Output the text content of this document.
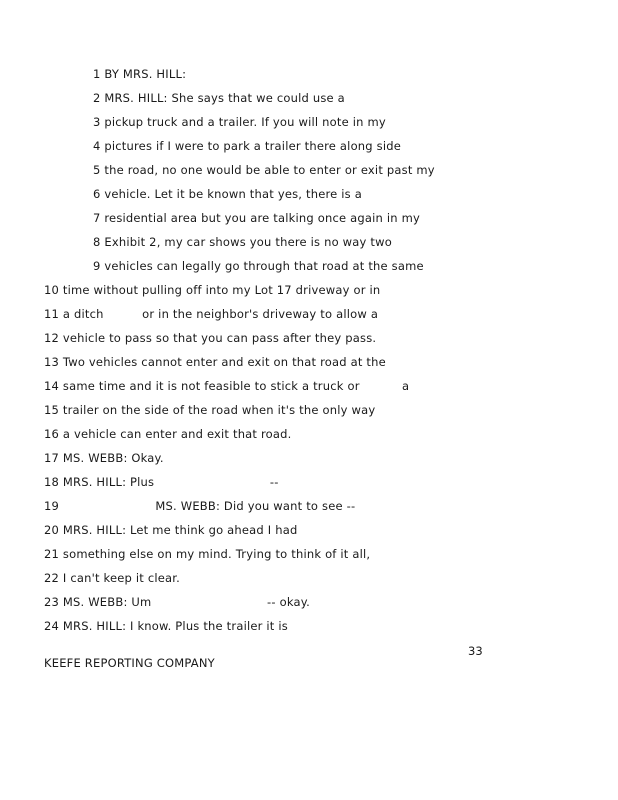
1 BY MRS. HILL:
2 MRS. HILL: She says that we could use a
3 pickup truck and a trailer. If you will note in my
4 pictures if I were to park a trailer there along side
5 the road, no one would be able to enter or exit past my
6 vehicle. Let it be known that yes, there is a
7 residential area but you are talking once again in my
8 Exhibit 2, my car shows you there is no way two
9 vehicles can legally go through that road at the same
10 time without pulling off into my Lot 17 driveway or in
11 a ditch          or in the neighbor's driveway to allow a
12 vehicle to pass so that you can pass after they pass.
13 Two vehicles cannot enter and exit on that road at the
14 same time and it is not feasible to stick a truck or           a
15 trailer on the side of the road when it's the only way
16 a vehicle can enter and exit that road.
17 MS. WEBB: Okay.
18 MRS. HILL: Plus                              --
19                         MS. WEBB: Did you want to see --
20 MRS. HILL: Let me think go ahead I had
21 something else on my mind. Trying to think of it all,
22 I can't keep it clear.
23 MS. WEBB: Um                              -- okay.
24 MRS. HILL: I know. Plus the trailer it is
33
KEEFE REPORTING COMPANY
